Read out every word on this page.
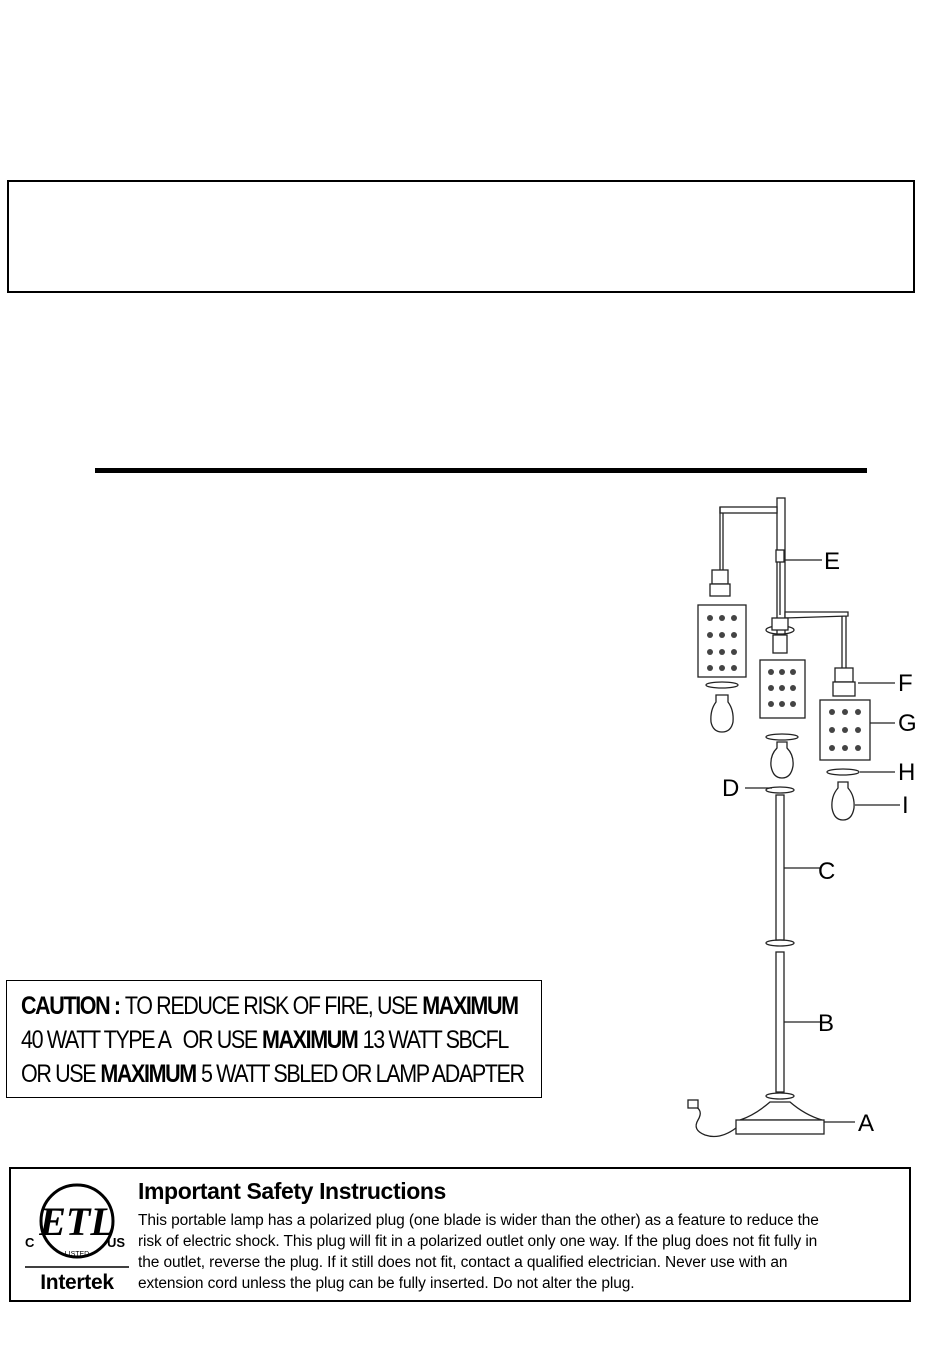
E
F
G
H
I
D
C
B
A
CAUTION : TO REDUCE RISK OF FIRE, USE MAXIMUM
40 WATT TYPE A OR USE MAXIMUM 13 WATT SBCFL
OR USE MAXIMUM 5 WATT SBLED OR LAMP ADAPTER
ETL
LISTED
C	US
Intertek
Important Safety Instructions
This portable lamp has a polarized plug (one blade is wider than the other) as a feature to reduce the
risk of electric shock. This plug will fit in a polarized outlet only one way. If the plug does not fit fully in
the outlet, reverse the plug. If it still does not fit, contact a qualified electrician. Never use with an
extension cord unless the plug can be fully inserted. Do not alter the plug.
